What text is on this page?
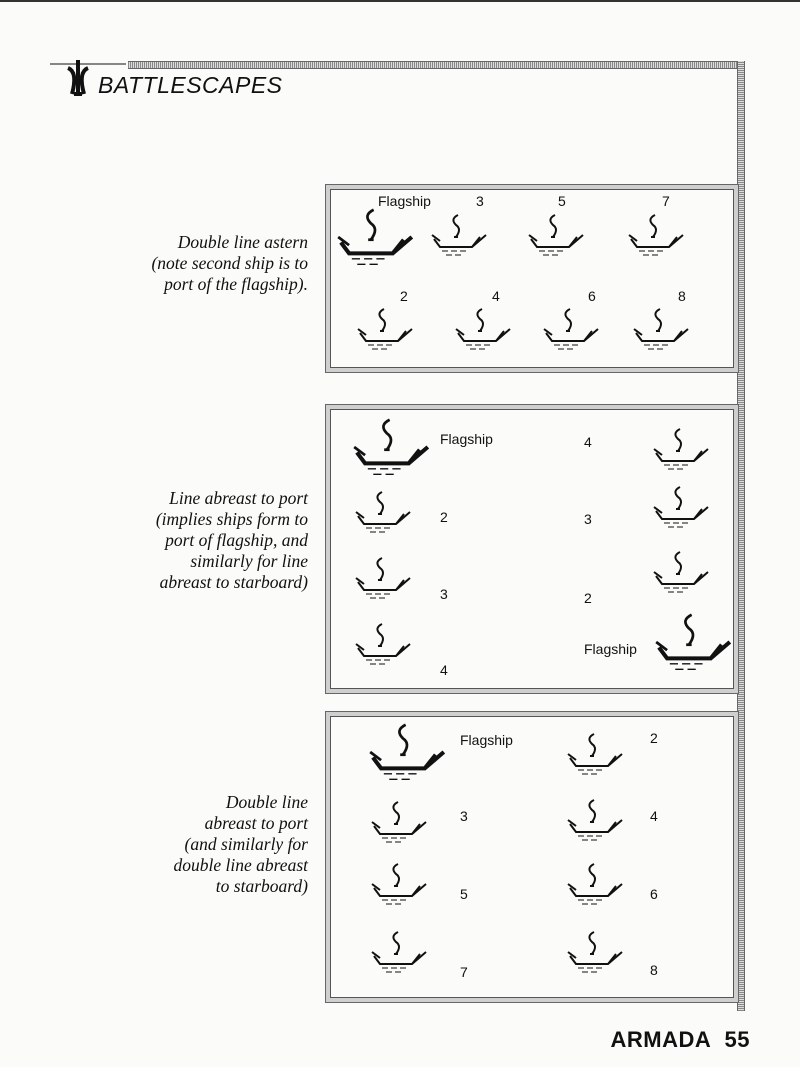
BATTLESCAPES
Double line astern
(note second ship is to
port of the flagship).
Line abreast to port
(implies ships form to
port of flagship, and
similarly for line
abreast to starboard)
Double line
abreast to port
(and similarly for
double line abreast
to starboard)
Flagship	3	5	7
2	4	6	8
Flagship
2
3
4
4
3
2
Flagship
Flagship
3
5
7
2
4
6
8
ARMADA 55
